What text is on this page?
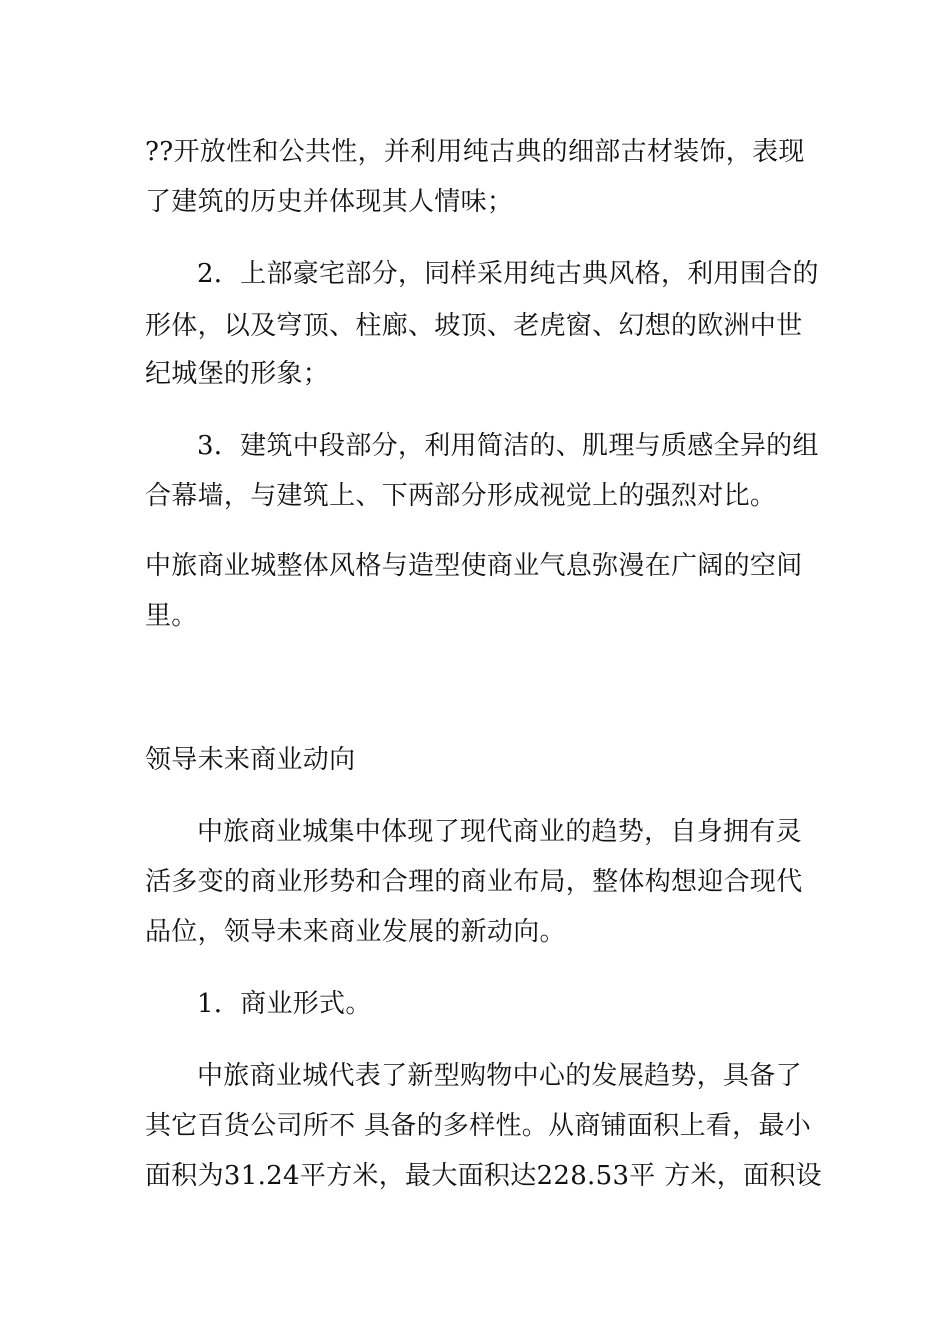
??开放性和公共性，并利用纯古典的细部古材装饰，表现
了建筑的历史并体现其人情味；
2．上部豪宅部分，同样采用纯古典风格，利用围合的
形体，以及穹顶、柱廊、坡顶、老虎窗、幻想的欧洲中世
纪城堡的形象；
3．建筑中段部分，利用简洁的、肌理与质感全异的组
合幕墙，与建筑上、下两部分形成视觉上的强烈对比。
中旅商业城整体风格与造型使商业气息弥漫在广阔的空间
里。
领导未来商业动向
中旅商业城集中体现了现代商业的趋势，自身拥有灵
活多变的商业形势和合理的商业布局，整体构想迎合现代
品位，领导未来商业发展的新动向。
1．商业形式。
中旅商业城代表了新型购物中心的发展趋势，具备了
其它百货公司所不 具备的多样性。从商铺面积上看，最小
面积为31.24平方米，最大面积达228.53平 方米，面积设
